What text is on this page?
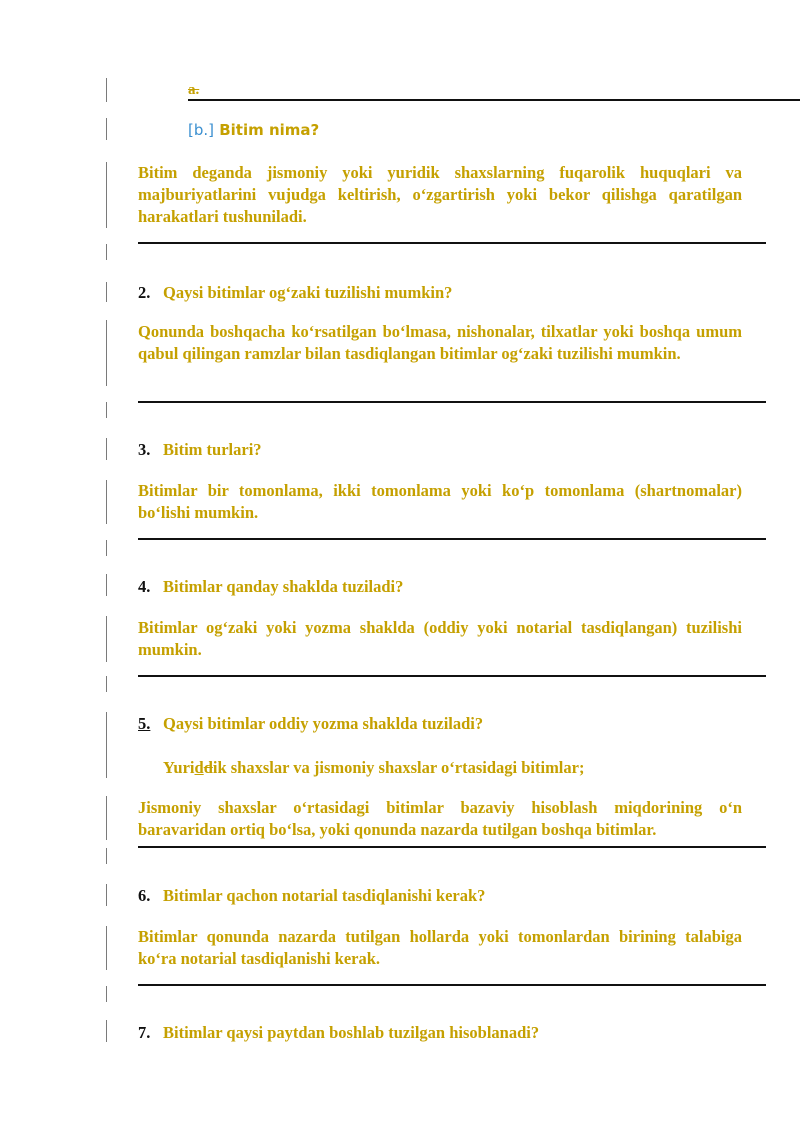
a.
[b.] Bitim nima?
Bitim deganda jismoniy yoki yuridik shaxslarning fuqarolik huquqlari va majburiyatlarini vujudga keltirish, oʻzgartirish yoki bekor qilishga qaratilgan harakatlari tushuniladi.
2. Qaysi bitimlar ogʻzaki tuzilishi mumkin?
Qonunda boshqacha koʻrsatilgan boʻlmasa, nishonalar, tilxatlar yoki boshqa umum qabul qilingan ramzlar bilan tasdiqlangan bitimlar ogʻzaki tuzilishi mumkin.
3. Bitim turlari?
Bitimlar bir tomonlama, ikki tomonlama yoki koʻp tomonlama (shartnomalar) boʻlishi mumkin.
4. Bitimlar qanday shaklda tuziladi?
Bitimlar ogʻzaki yoki yozma shaklda (oddiy yoki notarial tasdiqlangan) tuzilishi mumkin.
5. Qaysi bitimlar oddiy yozma shaklda tuziladi?
Yuriddik shaxslar va jismoniy shaxslar oʻrtasidagi bitimlar;
Jismoniy shaxslar oʻrtasidagi bitimlar bazaviy hisoblash miqdorining oʻn baravaridan ortiq boʻlsa, yoki qonunda nazarda tutilgan boshqa bitimlar.
6. Bitimlar qachon notarial tasdiqlanishi kerak?
Bitimlar qonunda nazarda tutilgan hollarda yoki tomonlardan birining talabiga koʻra notarial tasdiqlanishi kerak.
7. Bitimlar qaysi paytdan boshlab tuzilgan hisoblanadi?
